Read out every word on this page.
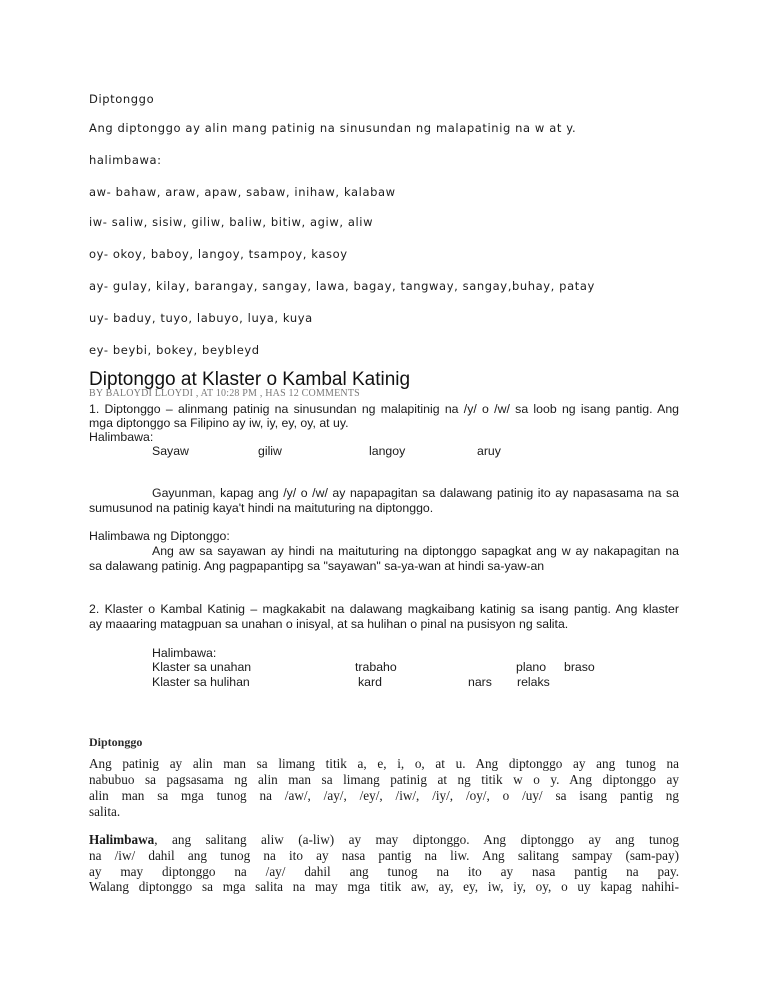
Diptonggo
Ang diptonggo ay alin mang patinig na sinusundan ng malapatinig na w at y.
halimbawa:
aw- bahaw, araw, apaw, sabaw, inihaw, kalabaw
iw- saliw, sisiw, giliw, baliw, bitiw, agiw, aliw
oy- okoy, baboy, langoy, tsampoy, kasoy
ay- gulay, kilay, barangay, sangay, lawa, bagay, tangway, sangay,buhay, patay
uy- baduy, tuyo, labuyo, luya, kuya
ey- beybi, bokey, beybleyd
Diptonggo at Klaster o Kambal Katinig
BY BALOYDI LLOYDI , AT 10:28 PM , HAS 12 COMMENTS
1. Diptonggo – alinmang patinig na sinusundan ng malapitinig na /y/ o /w/ sa loob ng isang pantig. Ang
mga diptonggo sa Filipino ay iw, iy, ey, oy, at uy.
Halimbawa:
Sayaw	giliw	langoy	aruy
Gayunman, kapag ang /y/ o /w/ ay napapagitan sa dalawang patinig ito ay napasasama na sa
sumusunod na patinig kaya't hindi na maituturing na diptonggo.
Halimbawa ng Diptonggo:
Ang aw sa sayawan ay hindi na maituturing na diptonggo sapagkat ang w ay nakapagitan na
sa dalawang patinig. Ang pagpapantipg sa "sayawan" sa-ya-wan at hindi sa-yaw-an
2. Klaster o Kambal Katinig – magkakabit na dalawang magkaibang katinig sa isang pantig. Ang klaster
ay maaaring matagpuan sa unahan o inisyal, at sa hulihan o pinal na pusisyon ng salita.
Halimbawa:
Klaster sa unahan	trabaho	plano braso
Klaster sa hulihan	kard	nars relaks
Diptonggo
Ang patinig ay alin man sa limang titik a, e, i, o, at u. Ang diptonggo ay ang tunog na
nabubuo sa pagsasama ng alin man sa limang patinig at ng titik w o y. Ang diptonggo ay
alin man sa mga tunog na /aw/, /ay/, /ey/, /iw/, /iy/, /oy/, o /uy/ sa isang pantig ng
salita.
Halimbawa , ang salitang aliw (a-liw) ay may diptonggo. Ang diptonggo ay ang tunog
na /iw/ dahil ang tunog na ito ay nasa pantig na liw. Ang salitang sampay (sam-pay)
ay may diptonggo na /ay/ dahil ang tunog na ito ay nasa pantig na pay.
Walang diptonggo sa mga salita na may mga titik aw, ay, ey, iw, iy, oy, o uy kapag nahihi-
